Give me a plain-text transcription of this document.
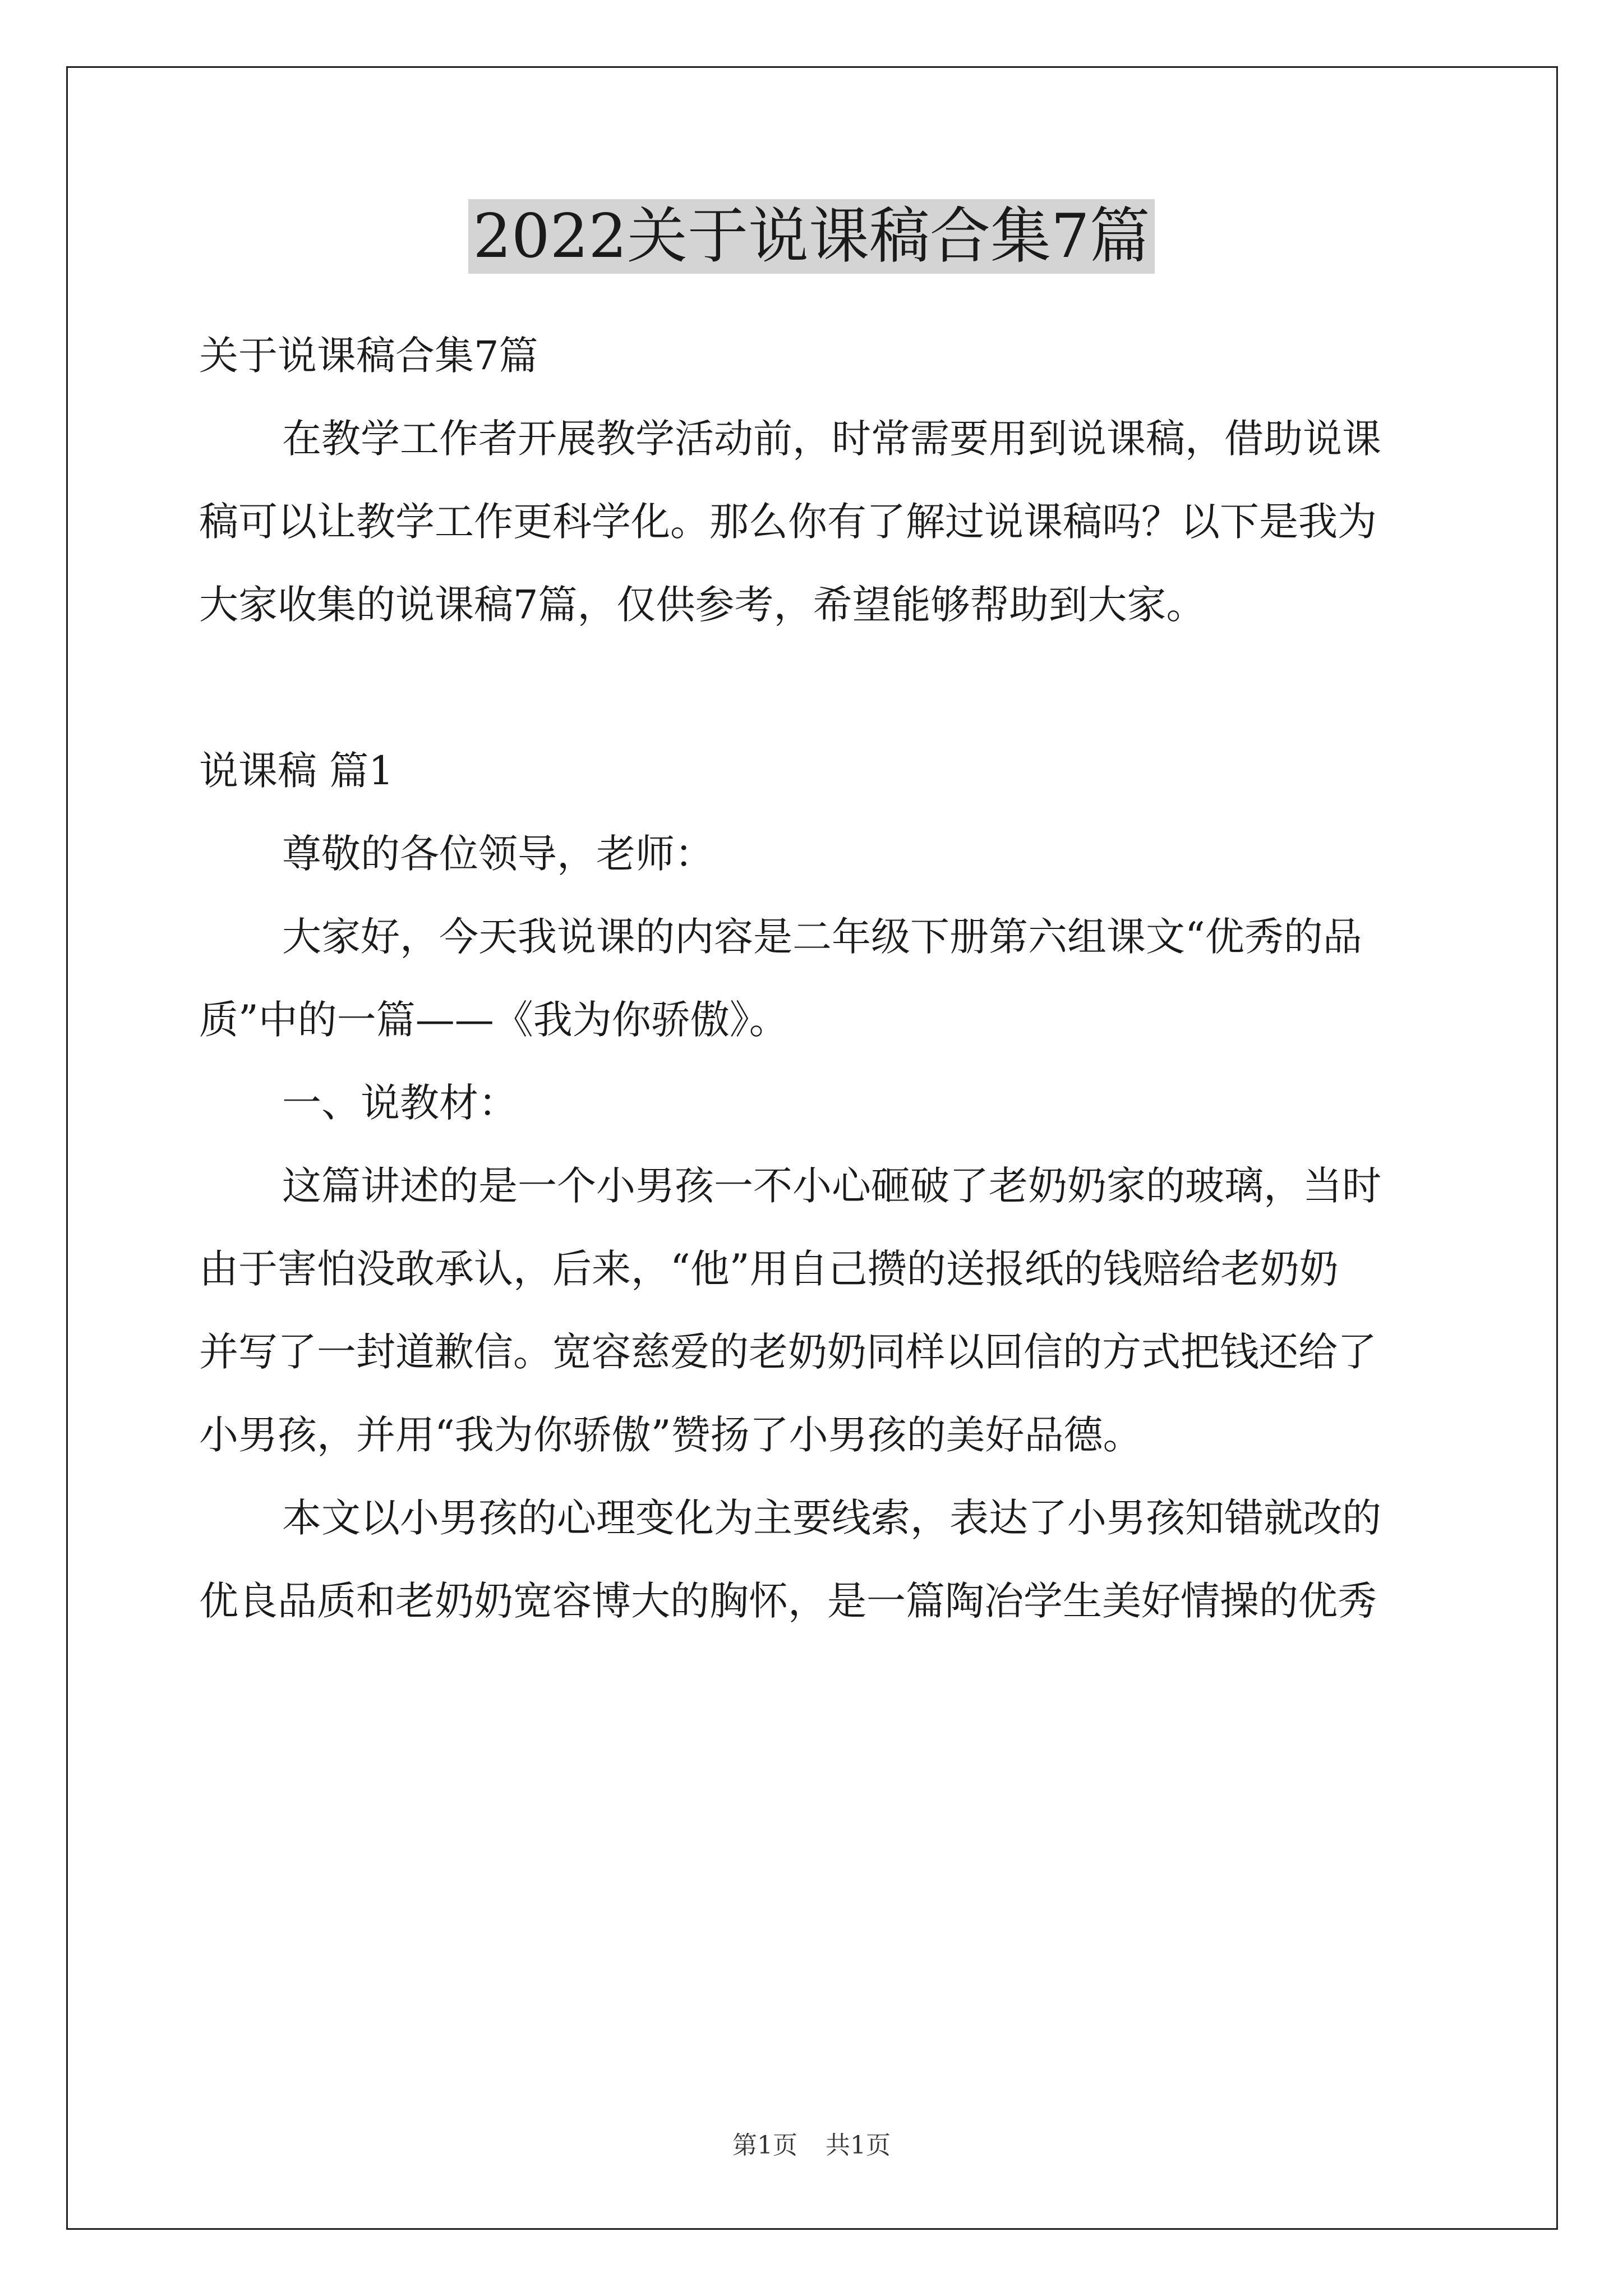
2022关于说课稿合集7篇
关于说课稿合集7篇
在教学工作者开展教学活动前，时常需要用到说课稿，借助说课
稿可以让教学工作更科学化。那么你有了解过说课稿吗？以下是我为
大家收集的说课稿7篇，仅供参考，希望能够帮助到大家。
说课稿 篇1
尊敬的各位领导，老师：
大家好，今天我说课的内容是二年级下册第六组课文“优秀的品
质”中的一篇——《我为你骄傲》。
一、说教材：
这篇讲述的是一个小男孩一不小心砸破了老奶奶家的玻璃，当时
由于害怕没敢承认，后来，“他”用自己攒的送报纸的钱赔给老奶奶
并写了一封道歉信。宽容慈爱的老奶奶同样以回信的方式把钱还给了
小男孩，并用“我为你骄傲”赞扬了小男孩的美好品德。
本文以小男孩的心理变化为主要线索，表达了小男孩知错就改的
优良品质和老奶奶宽容博大的胸怀，是一篇陶冶学生美好情操的优秀
第1页 共1页
